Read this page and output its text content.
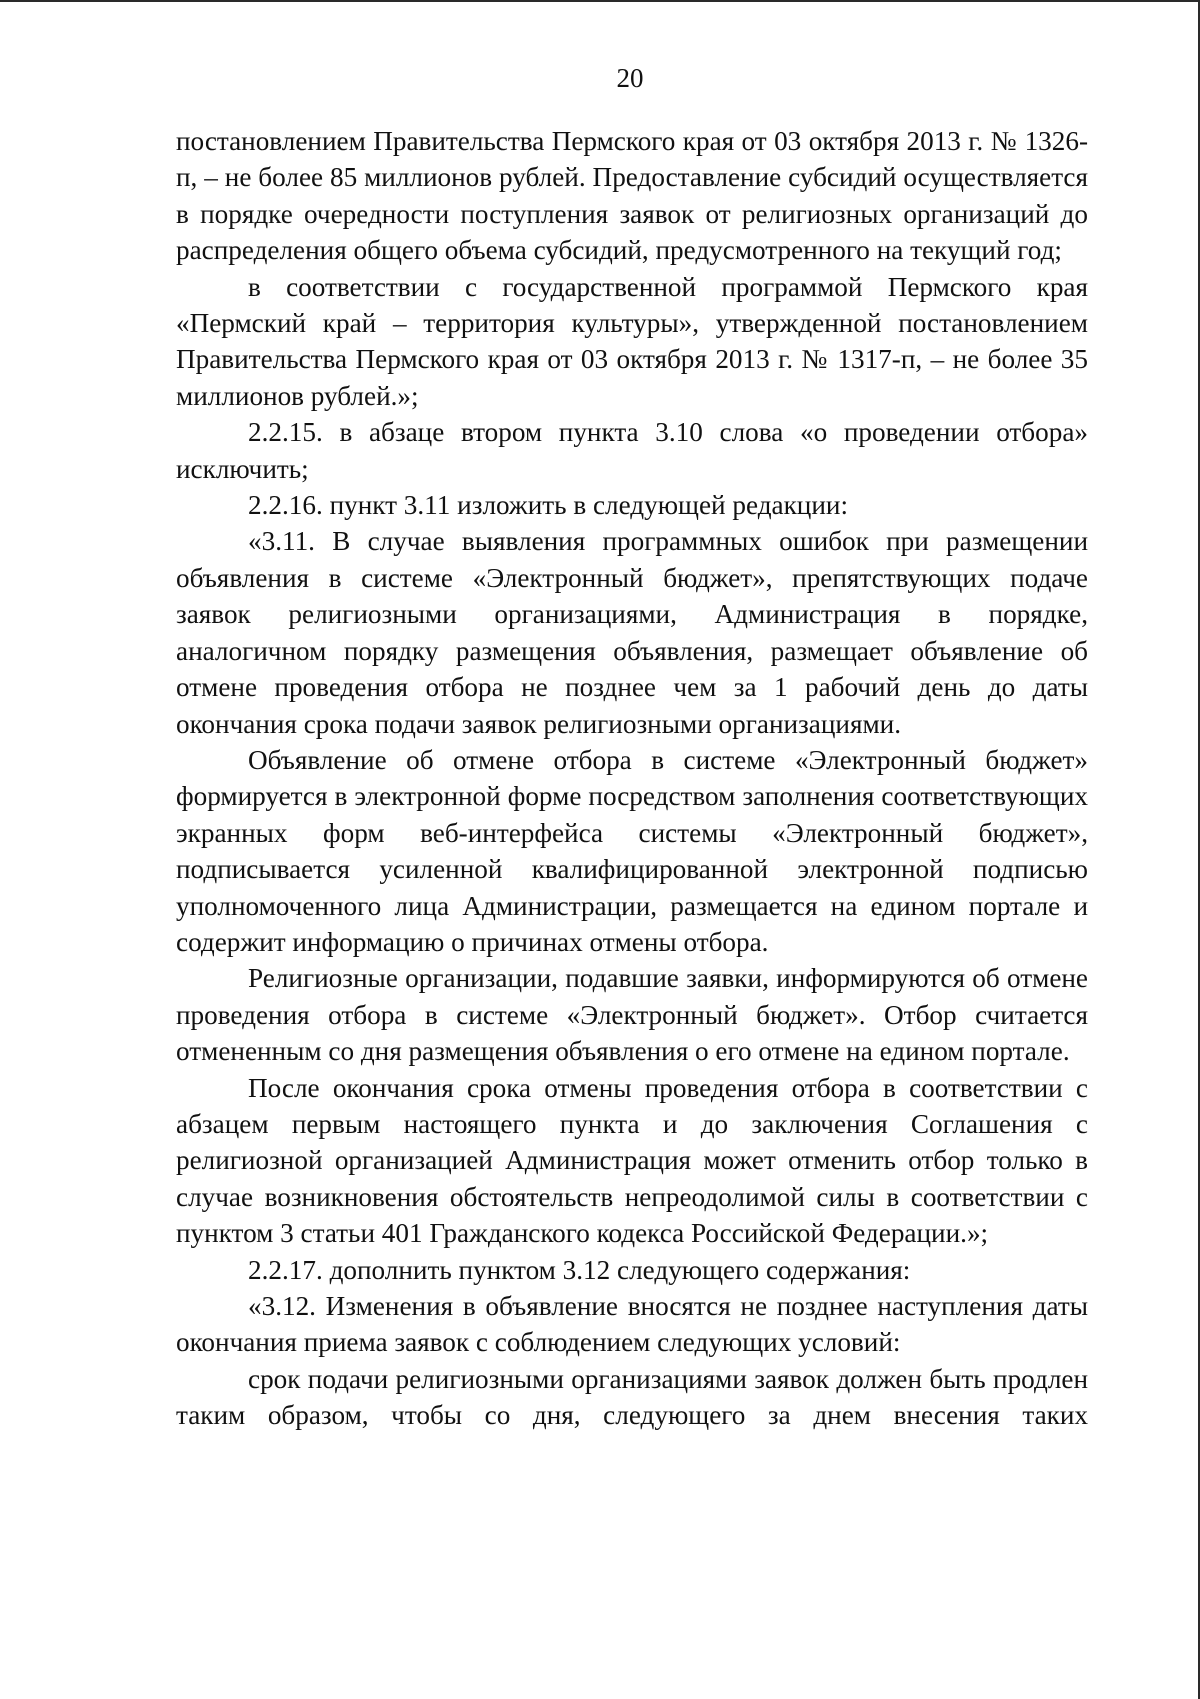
20

постановлением Правительства Пермского края от 03 октября 2013 г. № 1326-п, – не более 85 миллионов рублей. Предоставление субсидий осуществляется в порядке очередности поступления заявок от религиозных организаций до распределения общего объема субсидий, предусмотренного на текущий год;

в соответствии с государственной программой Пермского края «Пермский край – территория культуры», утвержденной постановлением Правительства Пермского края от 03 октября 2013 г. № 1317-п, – не более 35 миллионов рублей.»;

2.2.15. в абзаце втором пункта 3.10 слова «о проведении отбора» исключить;

2.2.16. пункт 3.11 изложить в следующей редакции:

«3.11. В случае выявления программных ошибок при размещении объявления в системе «Электронный бюджет», препятствующих подаче заявок религиозными организациями, Администрация в порядке, аналогичном порядку размещения объявления, размещает объявление об отмене проведения отбора не позднее чем за 1 рабочий день до даты окончания срока подачи заявок религиозными организациями.

Объявление об отмене отбора в системе «Электронный бюджет» формируется в электронной форме посредством заполнения соответствующих экранных форм веб-интерфейса системы «Электронный бюджет», подписывается усиленной квалифицированной электронной подписью уполномоченного лица Администрации, размещается на едином портале и содержит информацию о причинах отмены отбора.

Религиозные организации, подавшие заявки, информируются об отмене проведения отбора в системе «Электронный бюджет». Отбор считается отмененным со дня размещения объявления о его отмене на едином портале.

После окончания срока отмены проведения отбора в соответствии с абзацем первым настоящего пункта и до заключения Соглашения с религиозной организацией Администрация может отменить отбор только в случае возникновения обстоятельств непреодолимой силы в соответствии с пунктом 3 статьи 401 Гражданского кодекса Российской Федерации.»;

2.2.17. дополнить пунктом 3.12 следующего содержания:

«3.12. Изменения в объявление вносятся не позднее наступления даты окончания приема заявок с соблюдением следующих условий:

срок подачи религиозными организациями заявок должен быть продлен таким образом, чтобы со дня, следующего за днем внесения таких
